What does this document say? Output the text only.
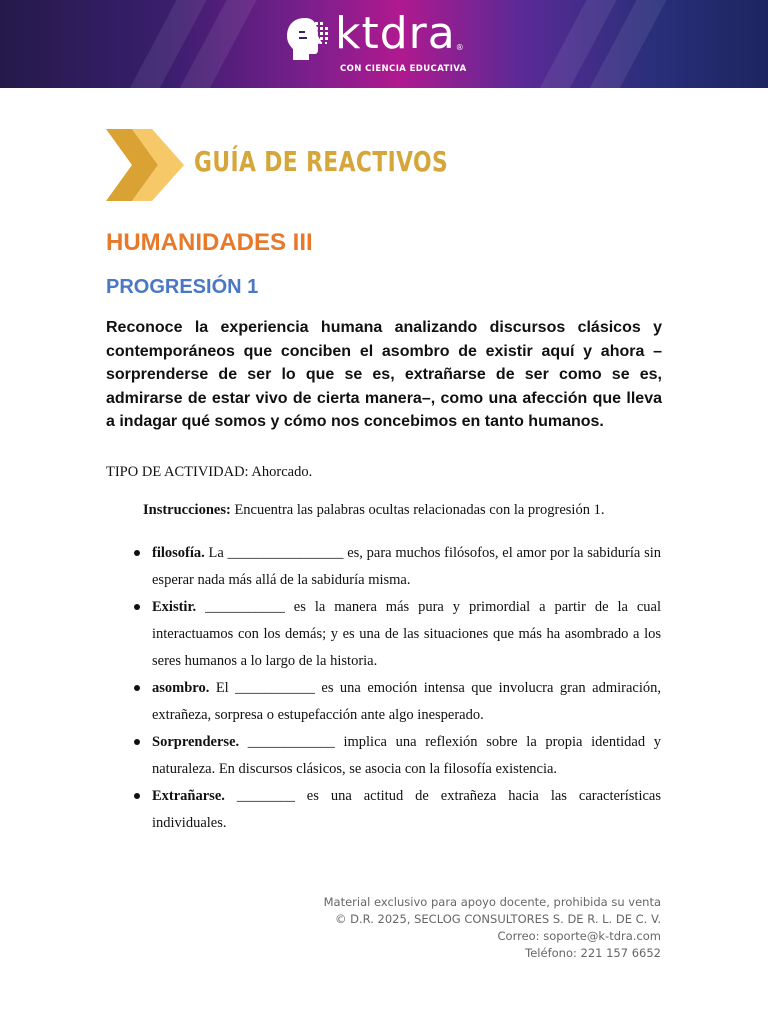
ktdra®
CON CIENCIA EDUCATIVA
GUÍA DE REACTIVOS
HUMANIDADES III
PROGRESIÓN 1
Reconoce la experiencia humana analizando discursos clásicos y contemporáneos que conciben el asombro de existir aquí y ahora – sorprenderse de ser lo que se es, extrañarse de ser como se es, admirarse de estar vivo de cierta manera–, como una afección que lleva a indagar qué somos y cómo nos concebimos en tanto humanos.
TIPO DE ACTIVIDAD: Ahorcado.
Instrucciones: Encuentra las palabras ocultas relacionadas con la progresión 1.
filosofía. La ________________ es, para muchos filósofos, el amor por la sabiduría sin esperar nada más allá de la sabiduría misma.
Existir. ___________ es la manera más pura y primordial a partir de la cual interactuamos con los demás; y es una de las situaciones que más ha asombrado a los seres humanos a lo largo de la historia.
asombro. El ___________ es una emoción intensa que involucra gran admiración, extrañeza, sorpresa o estupefacción ante algo inesperado.
Sorprenderse. ____________ implica una reflexión sobre la propia identidad y naturaleza. En discursos clásicos, se asocia con la filosofía existencia.
Extrañarse. ________ es una actitud de extrañeza hacia las características individuales.
Material exclusivo para apoyo docente, prohibida su venta
© D.R. 2025, SECLOG CONSULTORES S. DE R. L. DE C. V.
Correo: soporte@k-tdra.com
Teléfono: 221 157 6652
